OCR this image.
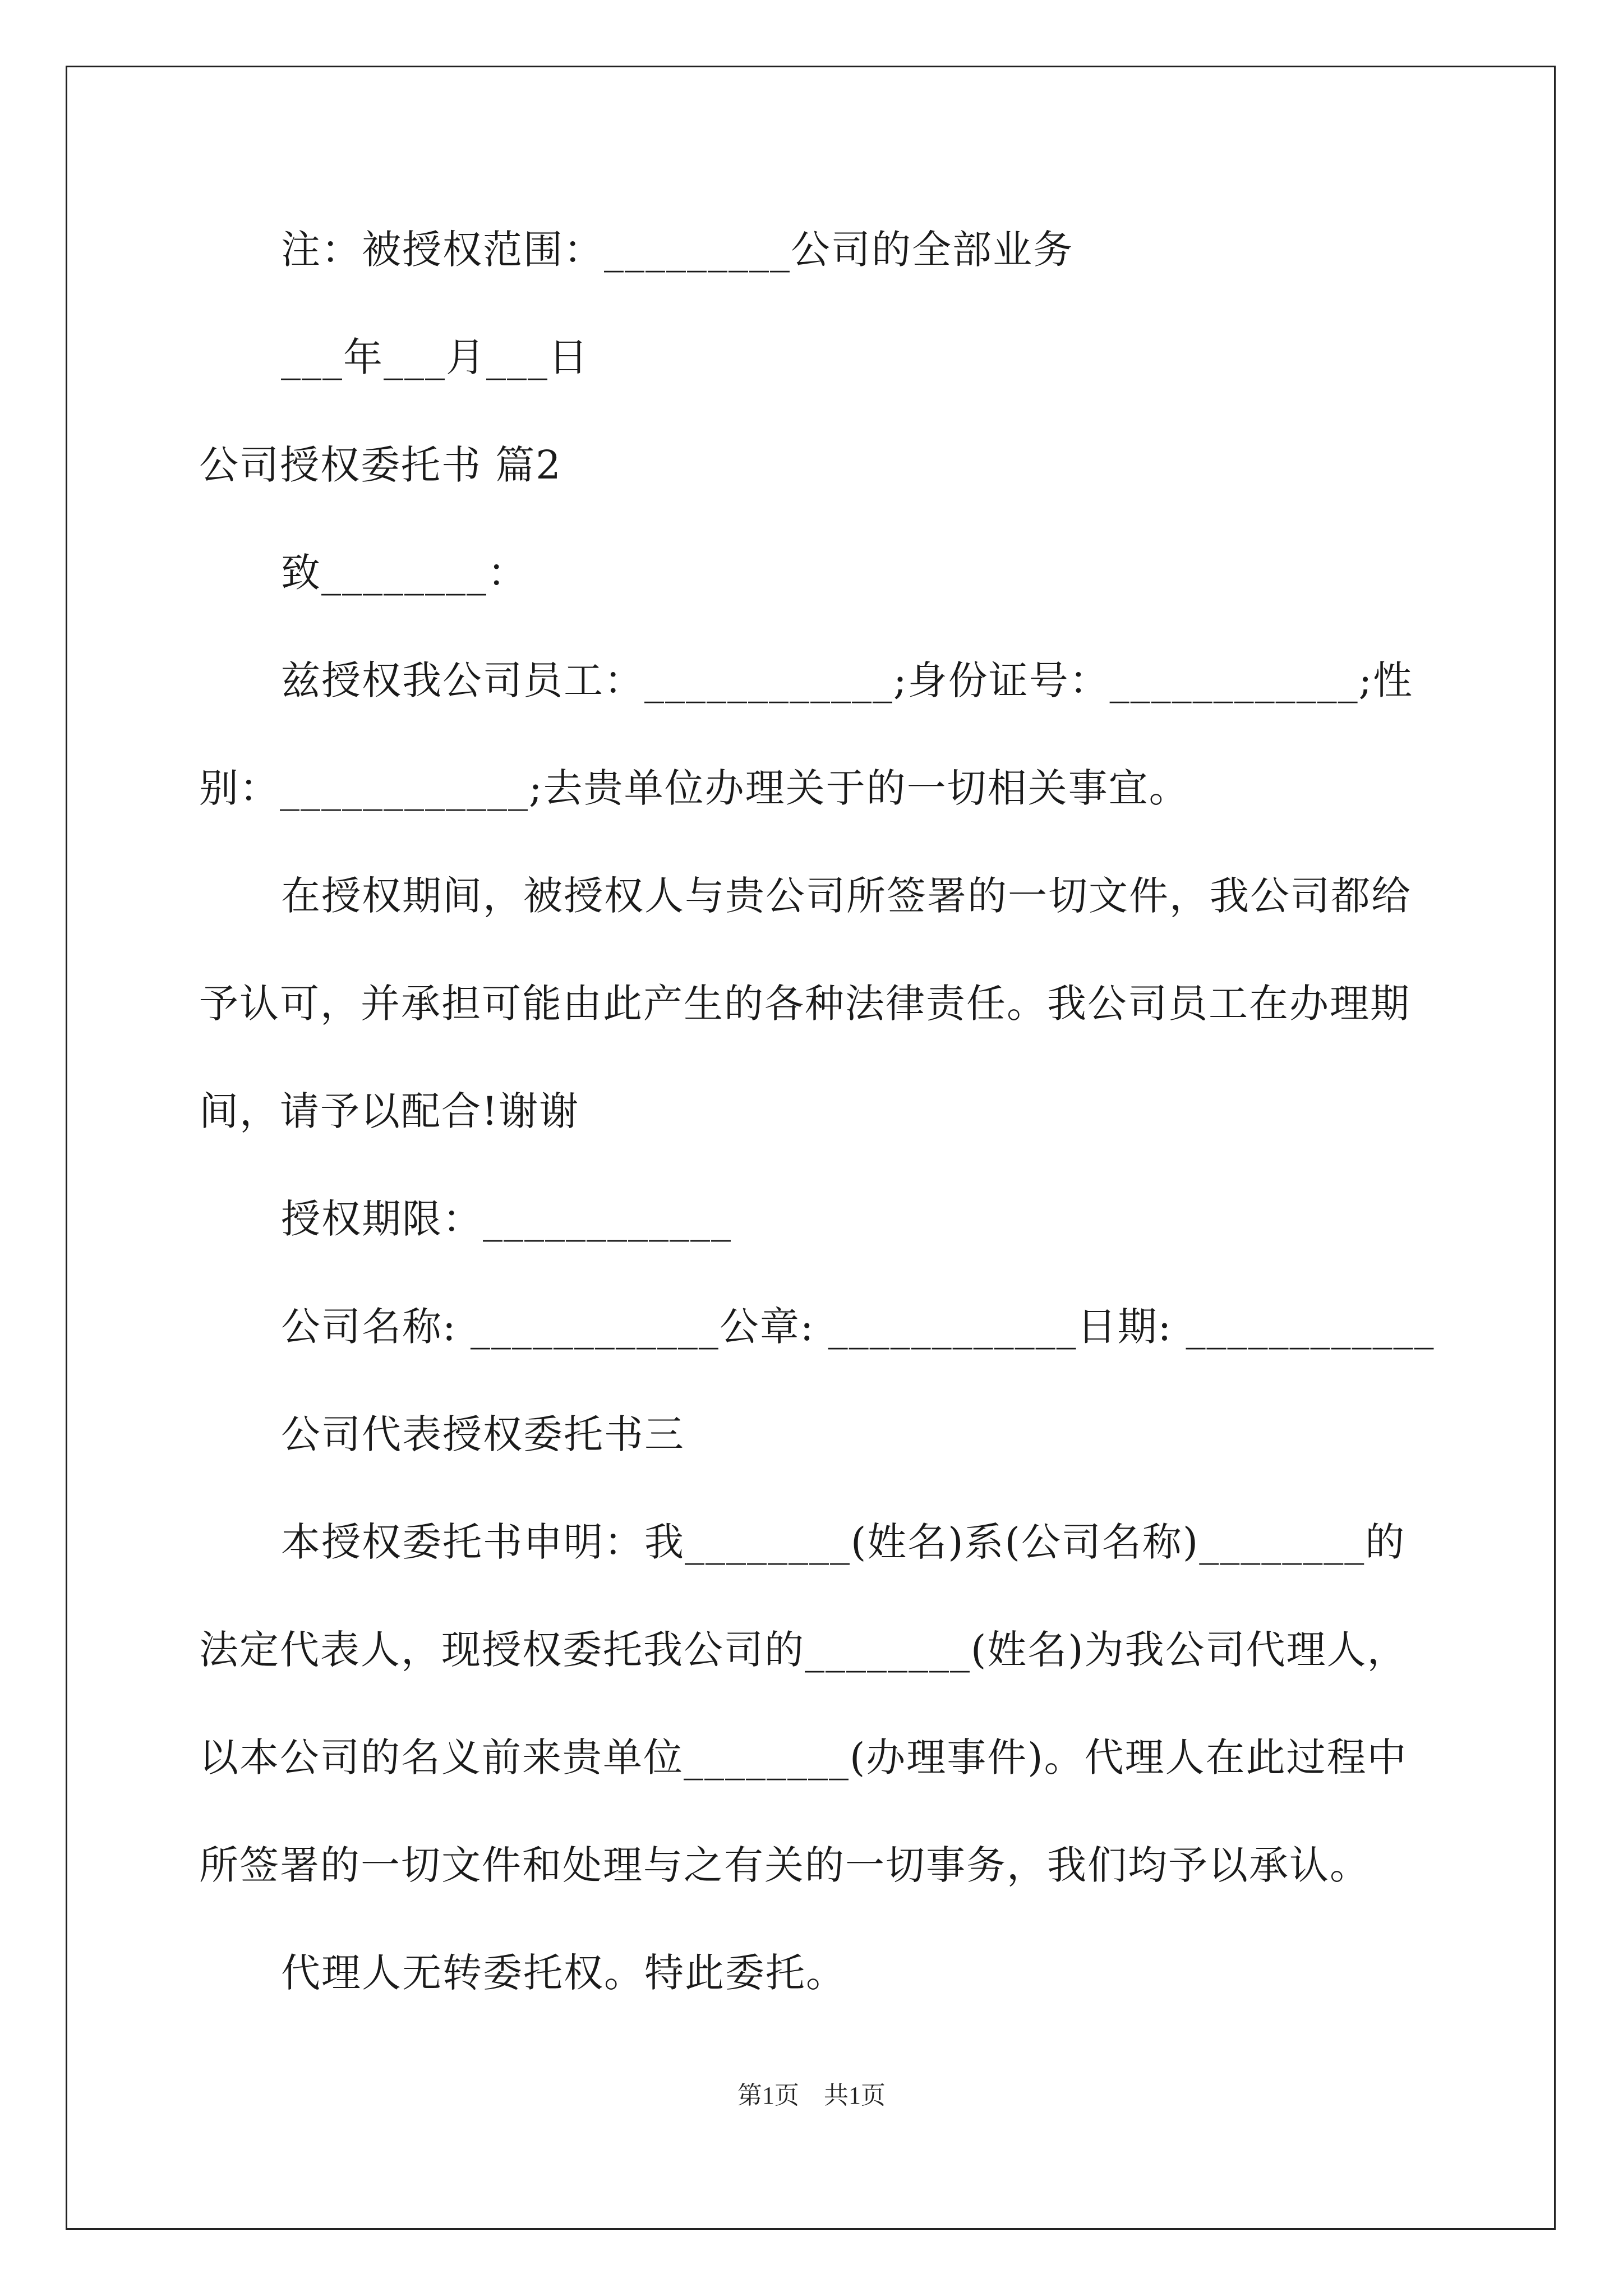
注：被授权范围：_________公司的全部业务
___年___月___日
公司授权委托书 篇2
致________：
兹授权我公司员工：____________;身份证号：____________;性
别：____________;去贵单位办理关于的一切相关事宜。
在授权期间，被授权人与贵公司所签署的一切文件，我公司都给
予认可，并承担可能由此产生的各种法律责任。我公司员工在办理期
间，请予以配合!谢谢
授权期限：____________
公司名称: ____________公章: ____________日期: ____________
公司代表授权委托书三
本授权委托书申明：我________(姓名)系(公司名称)________的
法定代表人，现授权委托我公司的________(姓名)为我公司代理人，
以本公司的名义前来贵单位________(办理事件)。代理人在此过程中
所签署的一切文件和处理与之有关的一切事务，我们均予以承认。
代理人无转委托权。特此委托。
第1页　共1页
